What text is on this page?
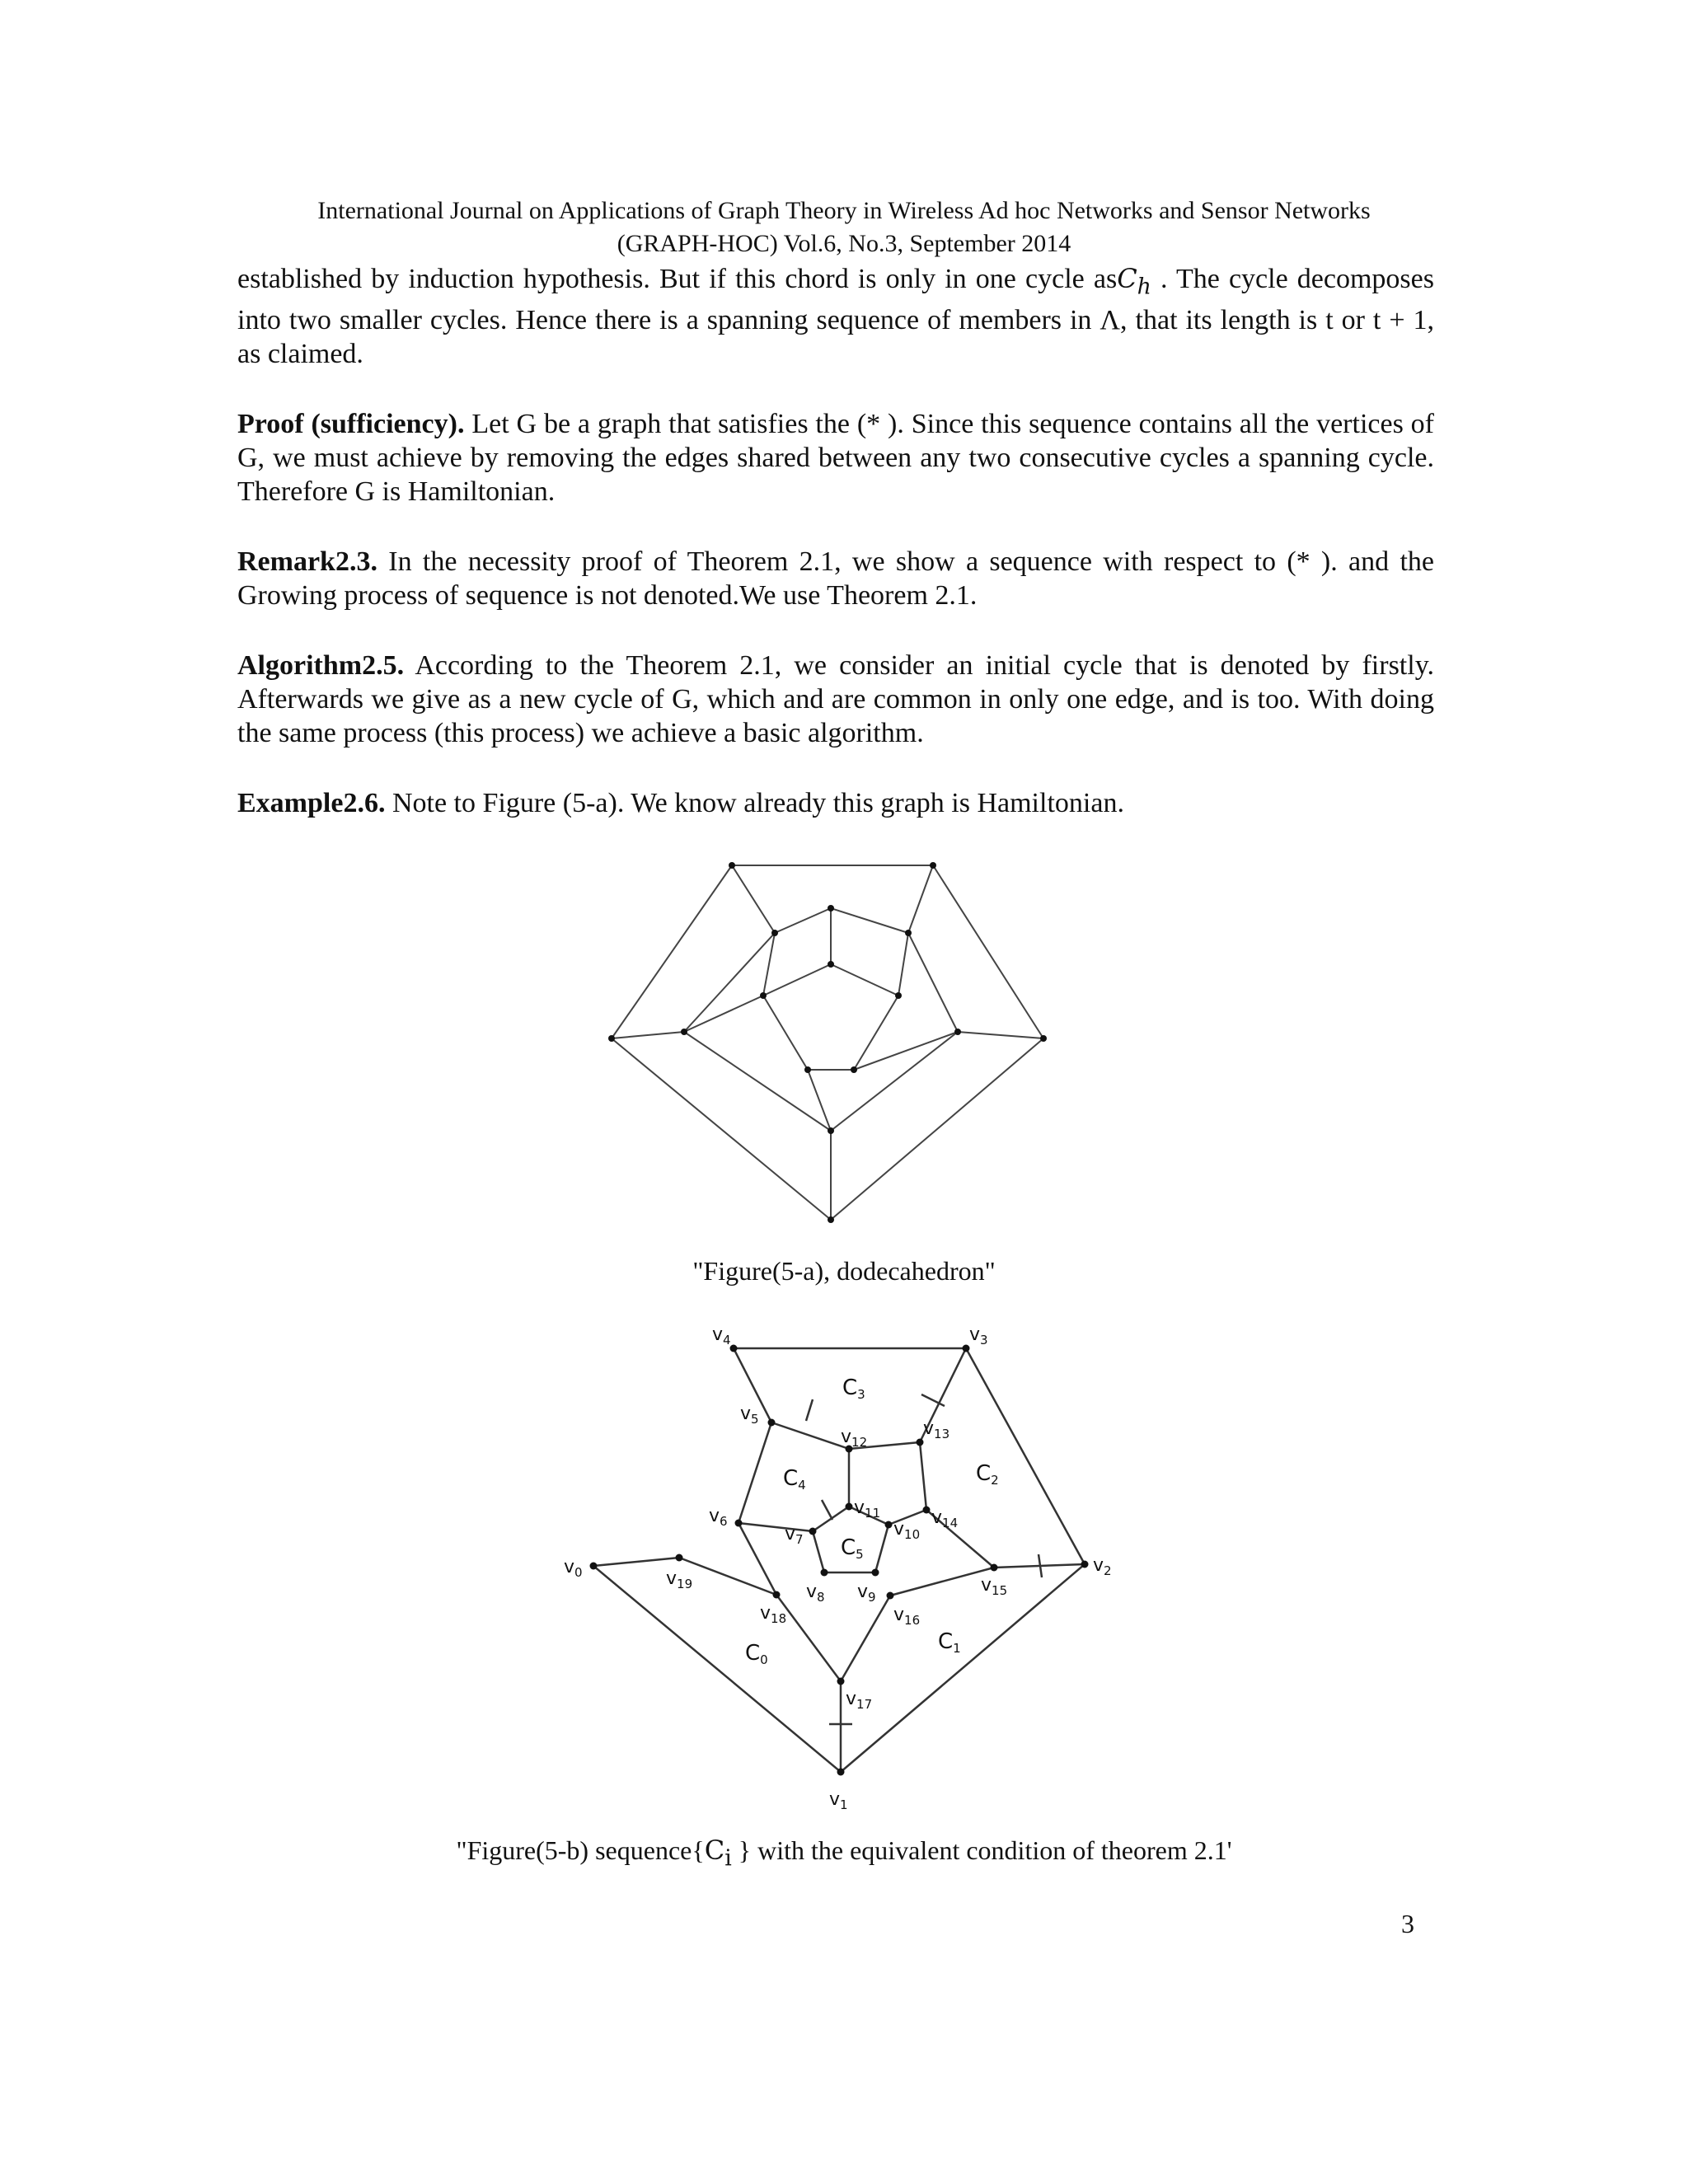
International Journal on Applications of Graph Theory in Wireless Ad hoc Networks and Sensor Networks
(GRAPH-HOC) Vol.6, No.3, September 2014

established by induction hypothesis. But if this chord is only in one cycle asC$_h$ . The cycle decomposes into two smaller cycles. Hence there is a spanning sequence of members in Λ, that its length is t or t + 1, as claimed.

Proof (sufficiency). Let G be a graph that satisfies the (* ). Since this sequence contains all the vertices of G, we must achieve by removing the edges shared between any two consecutive cycles a spanning cycle. Therefore G is Hamiltonian.

Remark2.3. In the necessity proof of Theorem 2.1, we show a sequence with respect to (* ). and the Growing process of sequence is not denoted.We use Theorem 2.1.

Algorithm2.5. According to the Theorem 2.1, we consider an initial cycle that is denoted by firstly. Afterwards we give as a new cycle of G, which and are common in only one edge, and is too. With doing the same process (this process) we achieve a basic algorithm.

Example2.6. Note to Figure (5-a). We know already this graph is Hamiltonian.

"Figure(5-a), dodecahedron"
$v_0$
$v_1$
$v_2$
$v_3$
$v_4$
$v_5$
$v_6$
$v_7$
$v_8$ $v_9$
$v_{10}$
$v_{11}$
$v_{12}$
$v_{13}$
$v_{14}$
$v_{15}$
$v_{16}$
$v_{17}$
$v_{18}$
$v_{19}$
C0
C1
C2
C3
C4
C5
"Figure(5-b) $sequence\{C_i$ } with the equivalent condition of theorem 2.1'
3
